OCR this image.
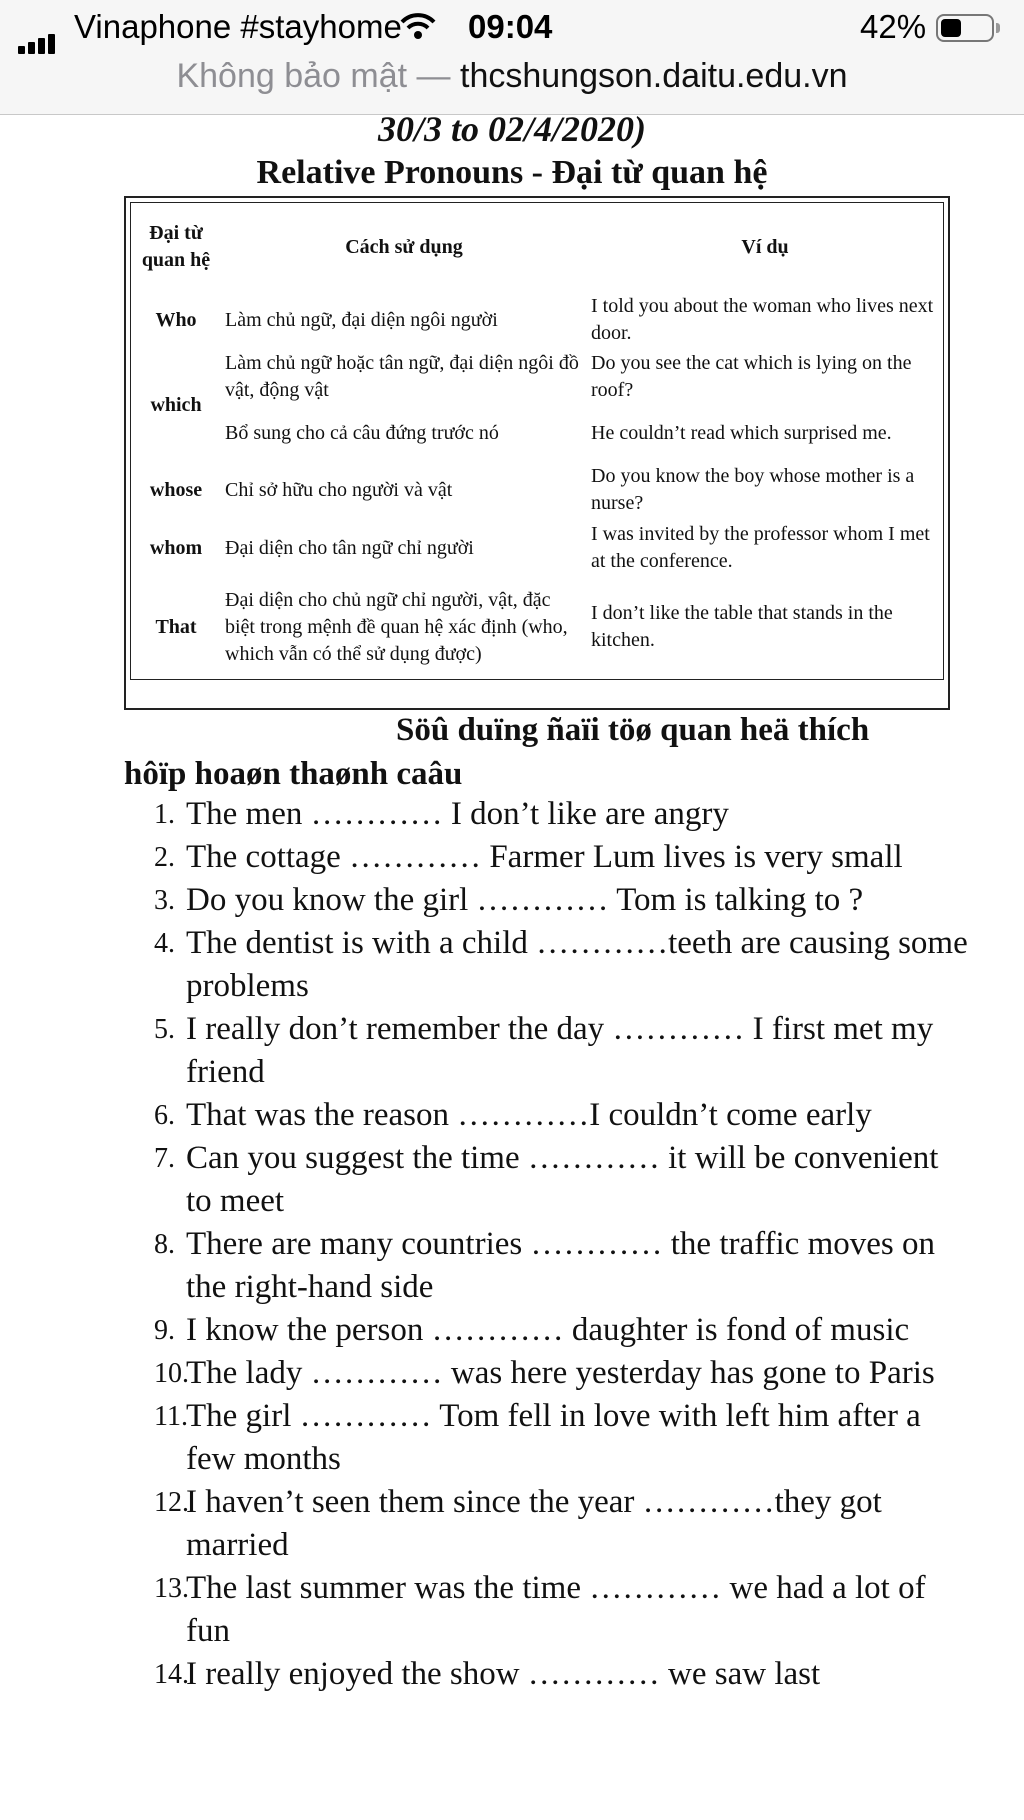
Vinaphone #stayhome 09:04	42%
Không bảo mật — thcshungson.daitu.edu.vn
30/3 to 02/4/2020)
Relative Pronouns - Đại từ quan hệ
Đại từ quan hệ	Cách sử dụng	Ví dụ
Who	Làm chủ ngữ, đại diện ngôi người	I told you about the woman who lives next door.
which	Làm chủ ngữ hoặc tân ngữ, đại diện ngôi đồ vật, động vật	Do you see the cat which is lying on the roof?
	Bổ sung cho cả câu đứng trước nó	He couldn’t read which surprised me.
whose	Chỉ sở hữu cho người và vật	Do you know the boy whose mother is a nurse?
whom	Đại diện cho tân ngữ chỉ người	I was invited by the professor whom I met at the conference.
That	Đại diện cho chủ ngữ chỉ người, vật, đặc biệt trong mệnh đề quan hệ xác định (who, which vẫn có thể sử dụng được)	I don’t like the table that stands in the kitchen.
Söû duïng ñaïi töø quan heä thích
hôïp hoaøn thaønh caâu
1. The men ………… I don’t like are angry
2. The cottage ………… Farmer Lum lives is very small
3. Do you know the girl ………… Tom is talking to ?
4. The dentist is with a child …………teeth are causing some problems
5. I really don’t remember the day ………… I first met my friend
6. That was the reason …………I couldn’t come early
7. Can you suggest the time ………… it will be convenient to meet
8. There are many countries ………… the traffic moves on the right-hand side
9. I know the person ………… daughter is fond of music
10.
The lady ………… was here yesterday has gone to Paris
11.
The girl ………… Tom fell in love with left him after a few months
12.
I haven’t seen them since the year …………they got married
13.
The last summer was the time ………… we had a lot of fun
14.
I really enjoyed the show ………… we saw last
